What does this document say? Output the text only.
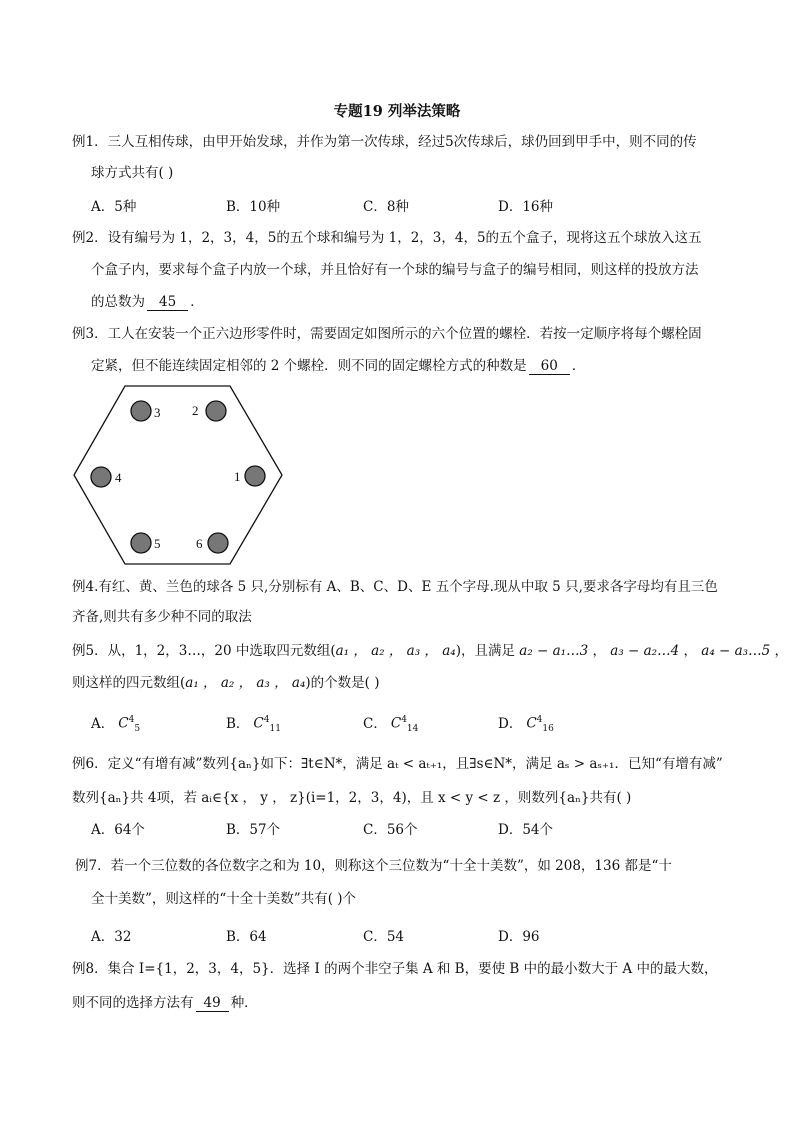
专题19 列举法策略
例1．三人互相传球，由甲开始发球，并作为第一次传球，经过5次传球后，球仍回到甲手中，则不同的传
球方式共有( )
A．5种	B．10种	C．8种	D．16种
例2．设有编号为 1，2，3，4，5的五个球和编号为 1，2，3，4，5的五个盒子，现将这五个球放入这五
个盒子内，要求每个盒子内放一个球，并且恰好有一个球的编号与盒子的编号相同，则这样的投放方法
的总数为 45 ．
例3．工人在安装一个正六边形零件时，需要固定如图所示的六个位置的螺栓．若按一定顺序将每个螺栓固
定紧，但不能连续固定相邻的 2 个螺栓．则不同的固定螺栓方式的种数是 60 ．
1
2
3
4
5	6
例4.有红、黄、兰色的球各 5 只,分别标有 A、B、C、D、E 五个字母.现从中取 5 只,要求各字母均有且三色
齐备,则共有多少种不同的取法
例5．从，1，2，3…，20 中选取四元数组(a₁ ， a₂ ， a₃ ， a₄)，且满足 a₂ − a₁…3 ， a₃ − a₂…4 ， a₄ − a₃…5 ，
则这样的四元数组(a₁ ， a₂ ， a₃ ， a₄)的个数是( )
A． $C^4_5$	B． $C^4_{11}$	C． $C^4_{14}$	D． $C^4_{16}$
例6．定义“有增有减”数列{aₙ}如下：∃t∈N*，满足 aₜ < aₜ₊₁，且∃s∈N*，满足 aₛ > aₛ₊₁．已知“有增有减”
数列{aₙ}共 4项，若 aᵢ∈{x ， y ， z}(i=1，2，3，4)，且 x < y < z ，则数列{aₙ}共有( )
A．64个	B．57个	C．56个	D．54个
例7．若一个三位数的各位数字之和为 10，则称这个三位数为“十全十美数”，如 208，136 都是“十
全十美数”，则这样的“十全十美数”共有( )个
A．32	B．64	C．54	D．96
例8．集合 I={1，2，3，4，5}．选择 I 的两个非空子集 A 和 B，要使 B 中的最小数大于 A 中的最大数，
则不同的选择方法有 49 种．
